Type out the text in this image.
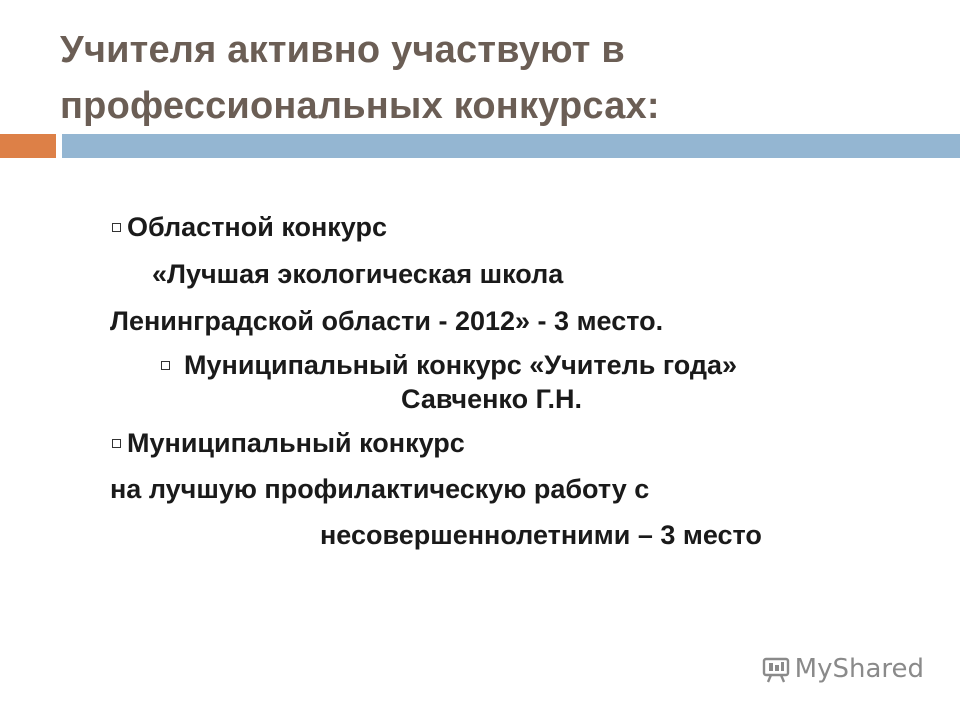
Учителя активно участвуют в
профессиональных конкурсах:
Областной конкурс
«Лучшая экологическая школа
Ленинградской области - 2012» - 3 место.
Муниципальный конкурс «Учитель года»
Савченко Г.Н.
Муниципальный конкурс
на лучшую профилактическую работу с
несовершеннолетними – 3 место
MyShared
